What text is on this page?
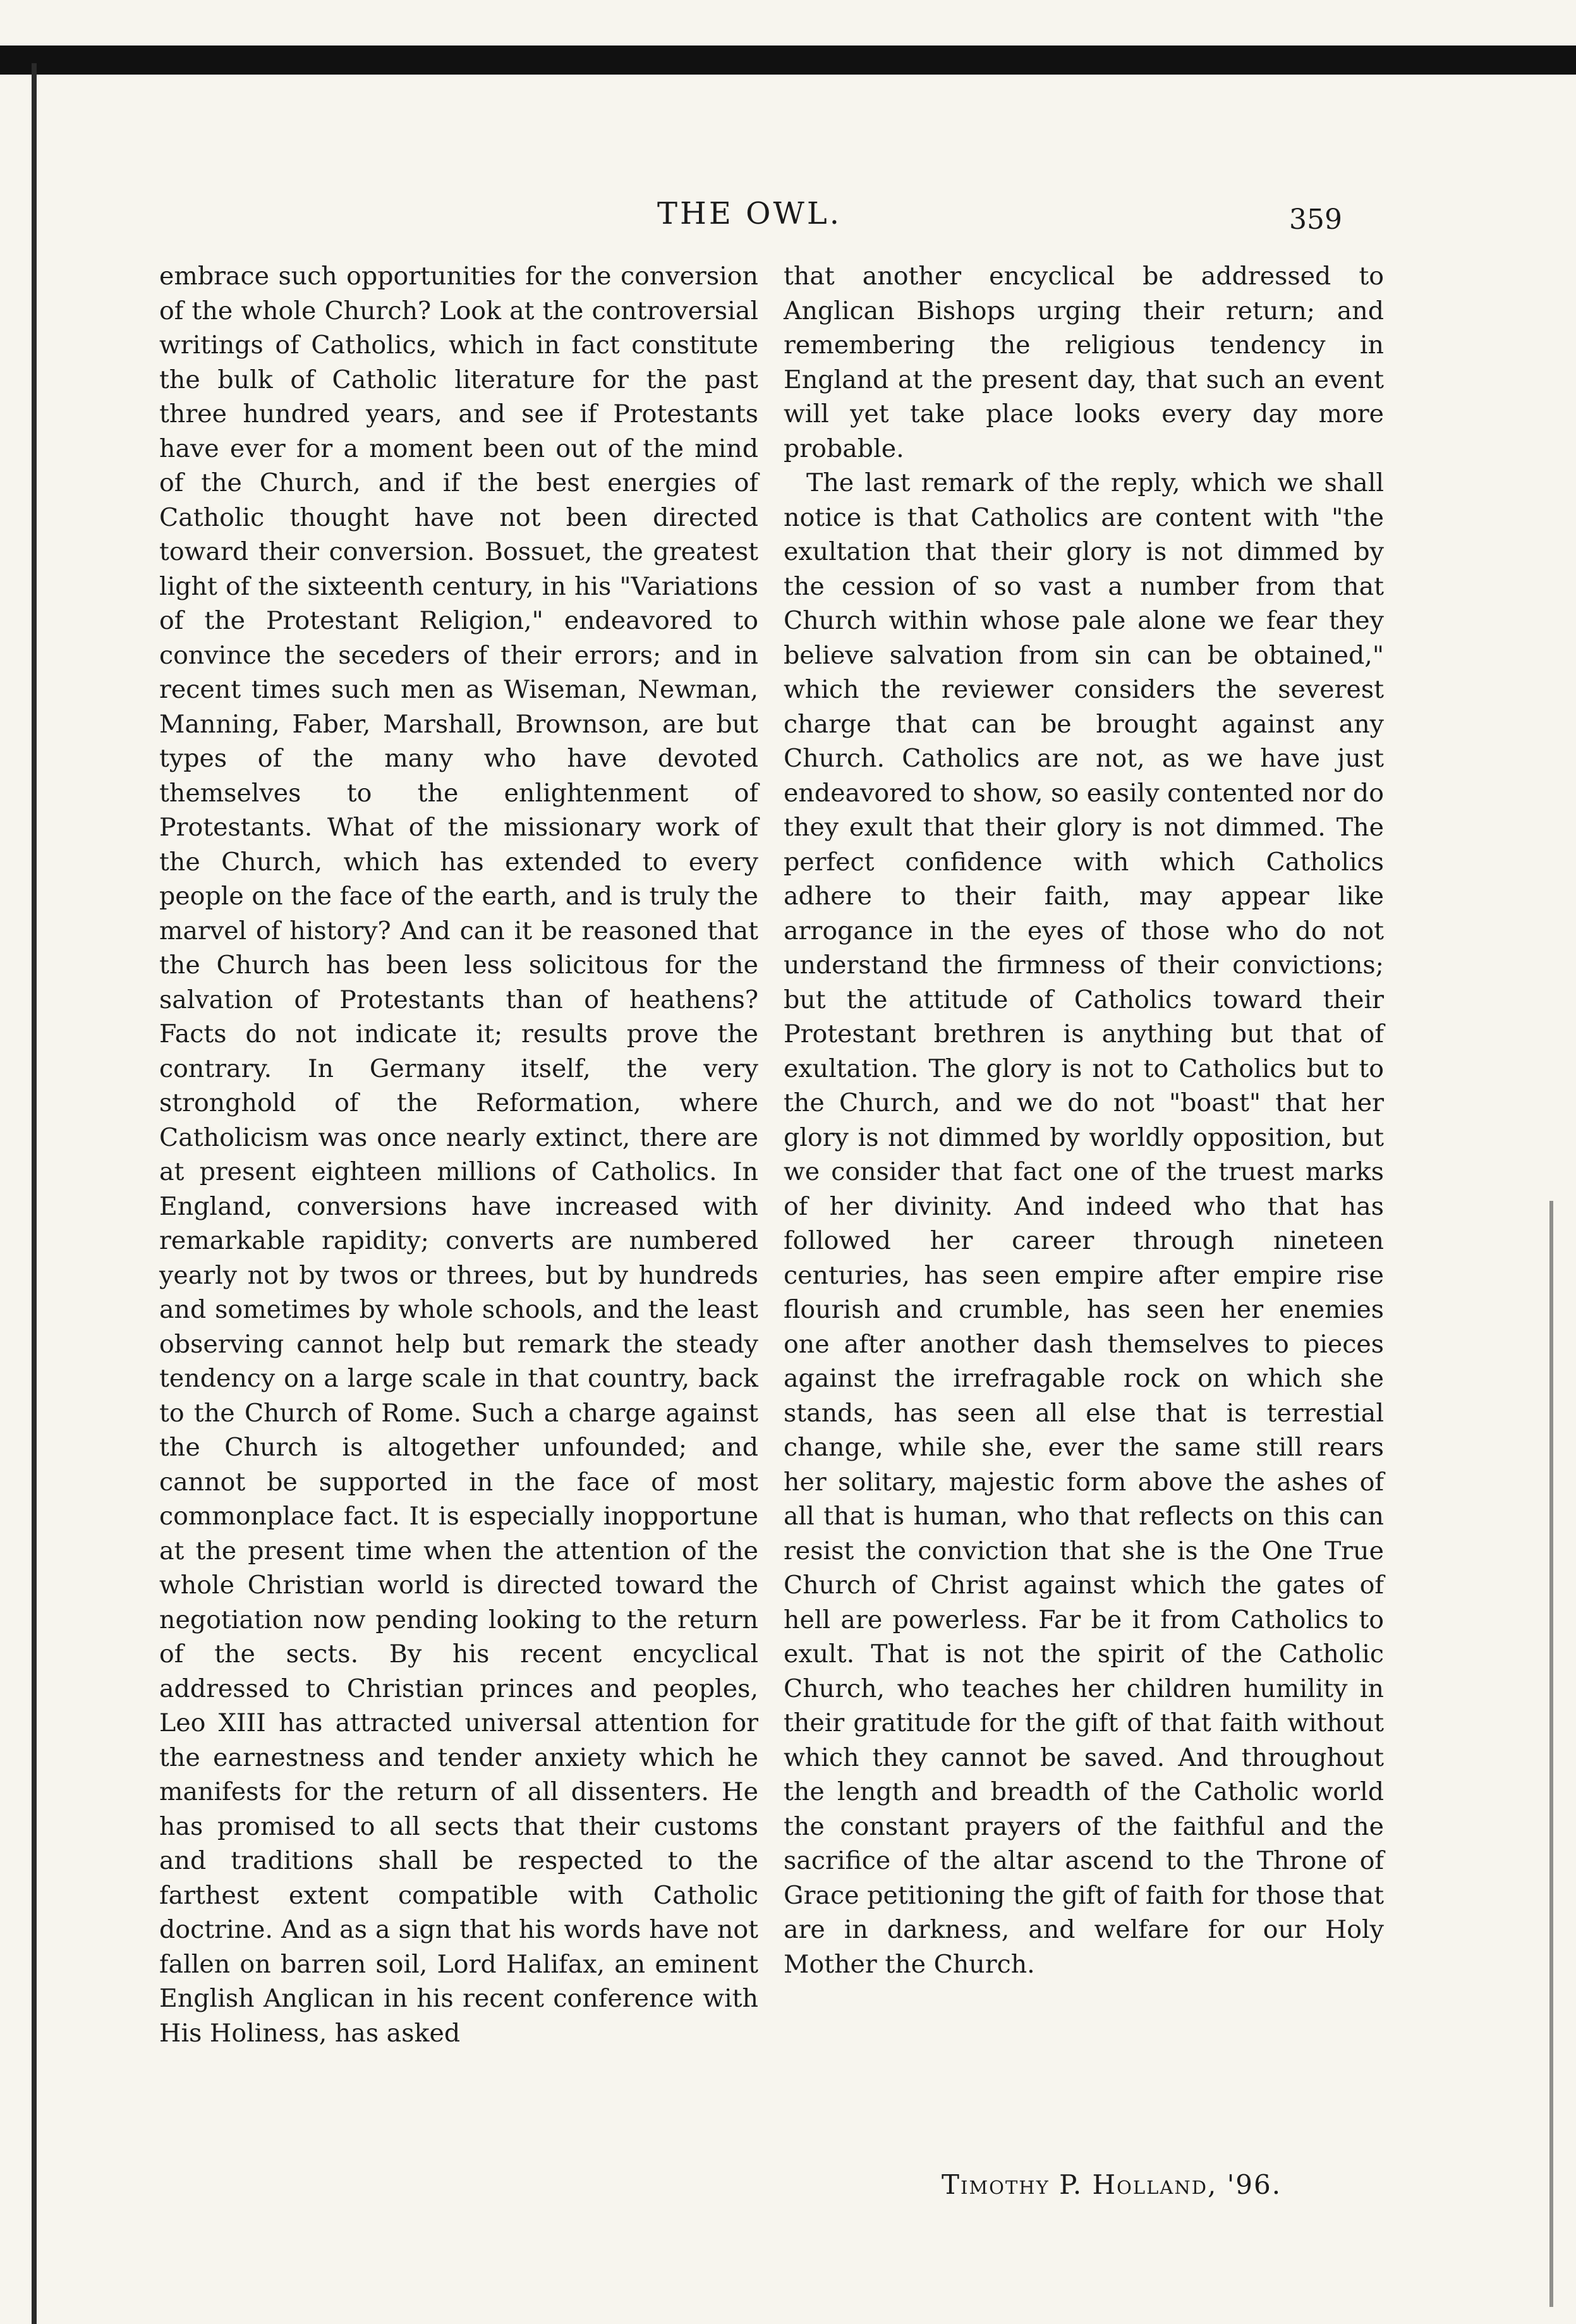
THE OWL.	359

embrace such opportunities for the conversion of the whole Church? Look at the controversial writings of Catholics, which in fact constitute the bulk of Catholic literature for the past three hundred years, and see if Protestants have ever for a moment been out of the mind of the Church, and if the best energies of Catholic thought have not been directed toward their conversion. Bossuet, the greatest light of the sixteenth century, in his "Variations of the Protestant Religion," endeavored to convince the seceders of their errors; and in recent times such men as Wiseman, Newman, Manning, Faber, Marshall, Brownson, are but types of the many who have devoted themselves to the enlightenment of Protestants. What of the missionary work of the Church, which has extended to every people on the face of the earth, and is truly the marvel of history? And can it be reasoned that the Church has been less solicitous for the salvation of Protestants than of heathens? Facts do not indicate it; results prove the contrary. In Germany itself, the very stronghold of the Reformation, where Catholicism was once nearly extinct, there are at present eighteen millions of Catholics. In England, conversions have increased with remarkable rapidity; converts are numbered yearly not by twos or threes, but by hundreds and sometimes by whole schools, and the least observing cannot help but remark the steady tendency on a large scale in that country, back to the Church of Rome. Such a charge against the Church is altogether unfounded; and cannot be supported in the face of most commonplace fact. It is especially inopportune at the present time when the attention of the whole Christian world is directed toward the negotiation now pending looking to the return of the sects. By his recent encyclical addressed to Christian princes and peoples, Leo XIII has attracted universal attention for the earnestness and tender anxiety which he manifests for the return of all dissenters. He has promised to all sects that their customs and traditions shall be respected to the farthest extent compatible with Catholic doctrine. And as a sign that his words have not fallen on barren soil, Lord Halifax, an eminent English Anglican in his recent conference with His Holiness, has asked

that another encyclical be addressed to Anglican Bishops urging their return; and remembering the religious tendency in England at the present day, that such an event will yet take place looks every day more probable.

The last remark of the reply, which we shall notice is that Catholics are content with "the exultation that their glory is not dimmed by the cession of so vast a number from that Church within whose pale alone we fear they believe salvation from sin can be obtained," which the reviewer considers the severest charge that can be brought against any Church. Catholics are not, as we have just endeavored to show, so easily contented nor do they exult that their glory is not dimmed. The perfect confidence with which Catholics adhere to their faith, may appear like arrogance in the eyes of those who do not understand the firmness of their convictions; but the attitude of Catholics toward their Protestant brethren is anything but that of exultation. The glory is not to Catholics but to the Church, and we do not "boast" that her glory is not dimmed by worldly opposition, but we consider that fact one of the truest marks of her divinity. And indeed who that has followed her career through nineteen centuries, has seen empire after empire rise flourish and crumble, has seen her enemies one after another dash themselves to pieces against the irrefragable rock on which she stands, has seen all else that is terrestial change, while she, ever the same still rears her solitary, majestic form above the ashes of all that is human, who that reflects on this can resist the conviction that she is the One True Church of Christ against which the gates of hell are powerless. Far be it from Catholics to exult. That is not the spirit of the Catholic Church, who teaches her children humility in their gratitude for the gift of that faith without which they cannot be saved. And throughout the length and breadth of the Catholic world the constant prayers of the faithful and the sacrifice of the altar ascend to the Throne of Grace petitioning the gift of faith for those that are in darkness, and welfare for our Holy Mother the Church.

Timothy P. Holland, '96.
